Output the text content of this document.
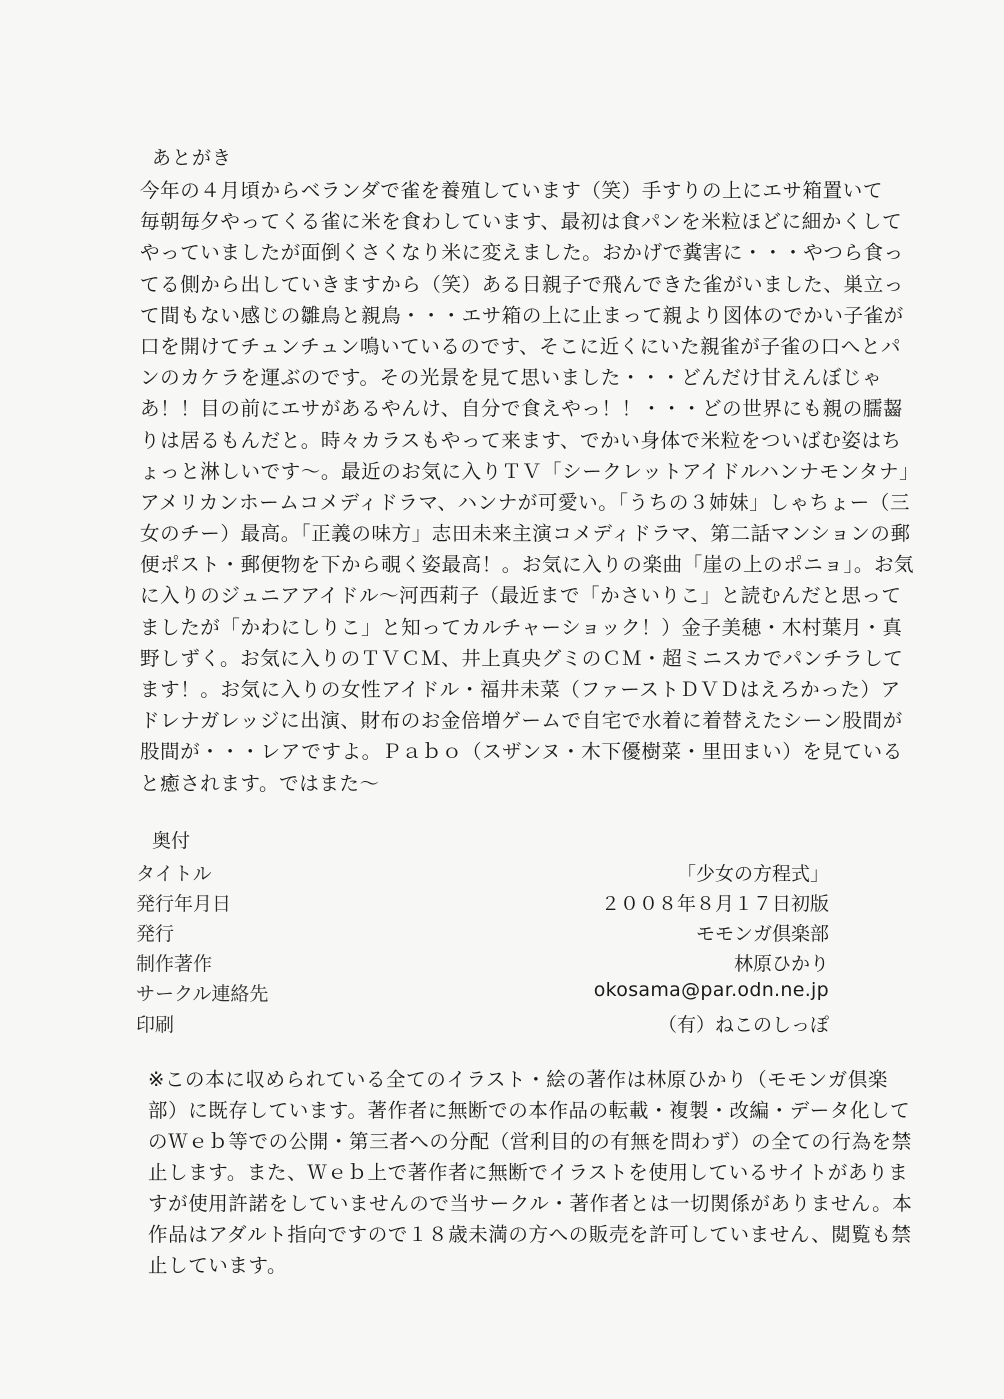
あとがき
今年の４月頃からベランダで雀を養殖しています（笑）手すりの上にエサ箱置いて
毎朝毎夕やってくる雀に米を食わしています、最初は食パンを米粒ほどに細かくして
やっていましたが面倒くさくなり米に変えました。おかげで糞害に・・・やつら食っ
てる側から出していきますから（笑）ある日親子で飛んできた雀がいました、巣立っ
て間もない感じの雛鳥と親鳥・・・エサ箱の上に止まって親より図体のでかい子雀が
口を開けてチュンチュン鳴いているのです、そこに近くにいた親雀が子雀の口へとパ
ンのカケラを運ぶのです。その光景を見て思いました・・・どんだけ甘えんぼじゃ
あ！！目の前にエサがあるやんけ、自分で食えやっ！！・・・どの世界にも親の臑齧
りは居るもんだと。時々カラスもやって来ます、でかい身体で米粒をついばむ姿はち
ょっと淋しいです～。最近のお気に入りＴＶ「シークレットアイドルハンナモンタナ」
アメリカンホームコメディドラマ、ハンナが可愛い。「うちの３姉妹」しゃちょー（三
女のチー）最高。「正義の味方」志田未来主演コメディドラマ、第二話マンションの郵
便ポスト・郵便物を下から覗く姿最高！。お気に入りの楽曲「崖の上のポニョ」。お気
に入りのジュニアアイドル～河西莉子（最近まで「かさいりこ」と読むんだと思って
ましたが「かわにしりこ」と知ってカルチャーショック！）金子美穂・木村葉月・真
野しずく。お気に入りのＴＶＣＭ、井上真央グミのＣＭ・超ミニスカでパンチラして
ます！。お気に入りの女性アイドル・福井未菜（ファーストＤＶＤはえろかった）ア
ドレナガレッジに出演、財布のお金倍増ゲームで自宅で水着に着替えたシーン股間が
股間が・・・レアですよ。Ｐａｂｏ（スザンヌ・木下優樹菜・里田まい）を見ている
と癒されます。ではまた～
奥付
タイトル	「少女の方程式」
発行年月日	２００８年８月１７日初版
発行	モモンガ倶楽部
制作著作	林原ひかり
サークル連絡先	okosama@par.odn.ne.jp
印刷	（有）ねこのしっぽ
※この本に収められている全てのイラスト・絵の著作は林原ひかり（モモンガ倶楽
部）に既存しています。著作者に無断での本作品の転載・複製・改編・データ化して
のＷｅｂ等での公開・第三者への分配（営利目的の有無を問わず）の全ての行為を禁
止します。また、Ｗｅｂ上で著作者に無断でイラストを使用しているサイトがありま
すが使用許諾をしていませんので当サークル・著作者とは一切関係がありません。本
作品はアダルト指向ですので１８歳未満の方への販売を許可していません、閲覧も禁
止しています。
